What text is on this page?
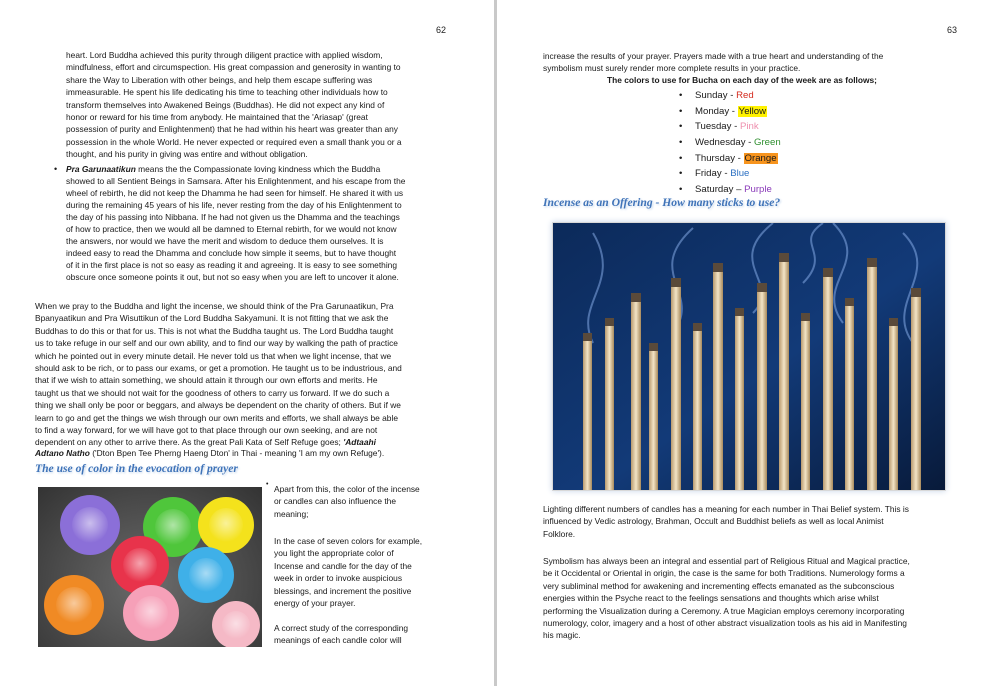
62

heart. Lord Buddha achieved this purity through diligent practice with applied wisdom,

mindfulness, effort and circumspection. His great compassion and generosity in wanting to

share the Way to Liberation with other beings, and help them escape suffering was

immeasurable. He spent his life dedicating his time to teaching other individuals how to

transform themselves into Awakened Beings (Buddhas). He did not expect any kind of

honor or reward for his time from anybody. He maintained that the 'Ariasap' (great

possession of purity and Enlightenment) that he had within his heart was greater than any

possession in the whole World. He never expected or required even a small thank you or a

thought, and his purity in giving was entire and without obligation.

• Pra Garunaatikun means the the Compassionate loving kindness which the Buddha

showed to all Sentient Beings in Samsara. After his Enlightenment, and his escape from the

wheel of rebirth, he did not keep the Dhamma he had seen for himself. He shared it with us

during the remaining 45 years of his life, never resting from the day of his Enlightenment to

the day of his passing into Nibbana. If he had not given us the Dhamma and the teachings

of how to practice, then we would all be damned to Eternal rebirth, for we would not know

the answers, nor would we have the merit and wisdom to deduce them ourselves. It is

indeed easy to read the Dhamma and conclude how simple it seems, but to have thought

of it in the first place is not so easy as reading it and agreeing. It is easy to see something

obscure once someone points it out, but not so easy when you are left to uncover it alone.

When we pray to the Buddha and light the incense, we should think of the Pra Garunaatikun, Pra

Bpanyaatikun and Pra Wisuttikun of the Lord Buddha Sakyamuni. It is not fitting that we ask the

Buddhas to do this or that for us. This is not what the Buddha taught us. The Lord Buddha taught

us to take refuge in our self and our own ability, and to find our way by walking the path of practice

which he pointed out in every minute detail. He never told us that when we light incense, that we

should ask to be rich, or to pass our exams, or get a promotion. He taught us to be industrious, and

that if we wish to attain something, we should attain it through our own efforts and merits. He

taught us that we should not wait for the goodness of others to carry us forward. If we do such a

thing we shall only be poor or beggars, and always be dependent on the charity of others. But if we

learn to go and get the things we wish through our own merits and efforts, we shall always be able

to find a way forward, for we will have got to that place through our own seeking, and are not

dependent on any other to arrive there. As the great Pali Kata of Self Refuge goes; 'Adtaahi

Adtano Natho ('Dton Bpen Tee Pherng Haeng Dton' in Thai - meaning 'I am my own Refuge').

The use of color in the evocation of prayer
• Apart from this, the color of the incense

or candles can also influence the

meaning;

In the case of seven colors for example,

you light the appropriate color of

Incense and candle for the day of the

week in order to invoke auspicious

blessings, and increment the positive

energy of your prayer.

A correct study of the corresponding

meanings of each candle color will

63

increase the results of your prayer. Prayers made with a true heart and understanding of the

symbolism must surely render more complete results in your practice.

The colors to use for Bucha on each day of the week are as follows;

• Sunday - Red
• Monday - Yellow
• Tuesday - Pink
• Wednesday - Green
• Thursday - Orange
• Friday - Blue
• Saturday – Purple
Incense as an Offering - How many sticks to use?

Lighting different numbers of candles has a meaning for each number in Thai Belief system. This is

influenced by Vedic astrology, Brahman, Occult and Buddhist beliefs as well as local Animist

Folklore.

Symbolism has always been an integral and essential part of Religious Ritual and Magical practice,

be it Occidental or Oriental in origin, the case is the same for both Traditions. Numerology forms a

very subliminal method for awakening and incrementing effects emanated as the subconscious

energies within the Psyche react to the feelings sensations and thoughts which arise whilst

performing the Visualization during a Ceremony. A true Magician employs ceremony incorporating

numerology, color, imagery and a host of other abstract visualization tools as his aid in Manifesting

his magic.
